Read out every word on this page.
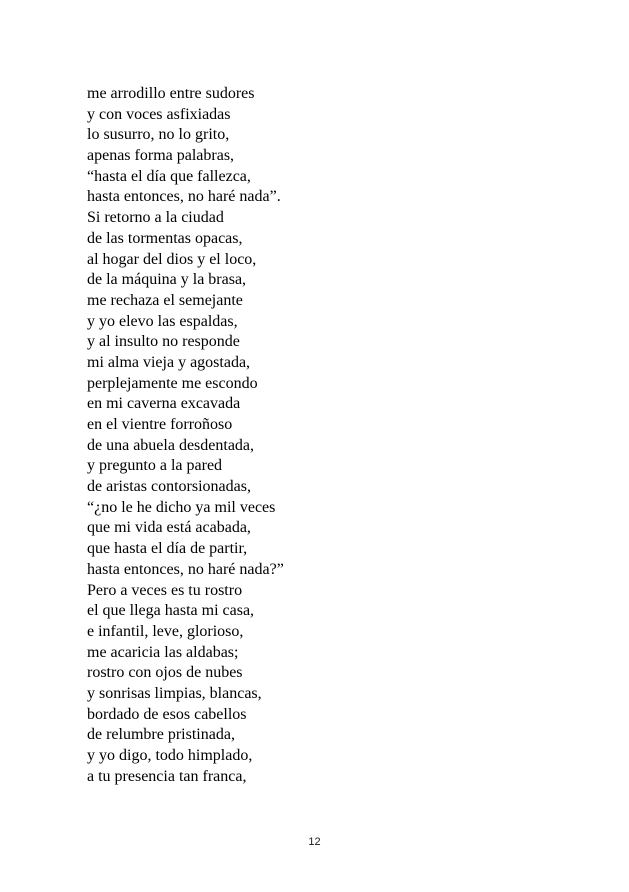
me arrodillo entre sudores
y con voces asfixiadas
lo susurro, no lo grito,
apenas forma palabras,
“hasta el día que fallezca,
hasta entonces, no haré nada”.
Si retorno a la ciudad
de las tormentas opacas,
al hogar del dios y el loco,
de la máquina y la brasa,
me rechaza el semejante
y yo elevo las espaldas,
y al insulto no responde
mi alma vieja y agostada,
perplejamente me escondo
en mi caverna excavada
en el vientre forroñoso
de una abuela desdentada,
y pregunto a la pared
de aristas contorsionadas,
“¿no le he dicho ya mil veces
que mi vida está acabada,
que hasta el día de partir,
hasta entonces, no haré nada?”
Pero a veces es tu rostro
el que llega hasta mi casa,
e infantil, leve, glorioso,
me acaricia las aldabas;
rostro con ojos de nubes
y sonrisas limpias, blancas,
bordado de esos cabellos
de relumbre pristinada,
y yo digo, todo himplado,
a tu presencia tan franca,
12
